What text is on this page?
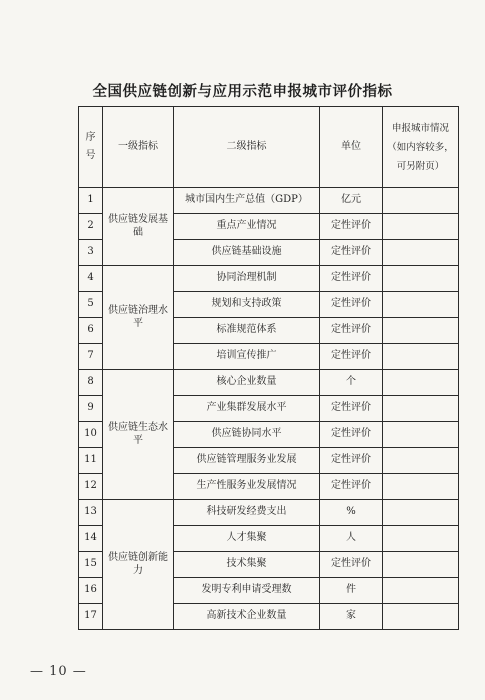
全国供应链创新与应用示范申报城市评价指标
序号	一级指标	二级指标	单位	申报城市情况（如内容较多，可另附页）
1	供应链发展基础	城市国内生产总值（GDP）	亿元	
2		重点产业情况	定性评价	
3		供应链基础设施	定性评价	
4	供应链治理水平	协同治理机制	定性评价	
5		规划和支持政策	定性评价	
6		标准规范体系	定性评价	
7		培训宣传推广	定性评价	
8	供应链生态水平	核心企业数量	个	
9		产业集群发展水平	定性评价	
10		供应链协同水平	定性评价	
11		供应链管理服务业发展	定性评价	
12		生产性服务业发展情况	定性评价	
13	供应链创新能力	科技研发经费支出	%	
14		人才集聚	人	
15		技术集聚	定性评价	
16		发明专利申请受理数	件	
17		高新技术企业数量	家	
— 10 —
